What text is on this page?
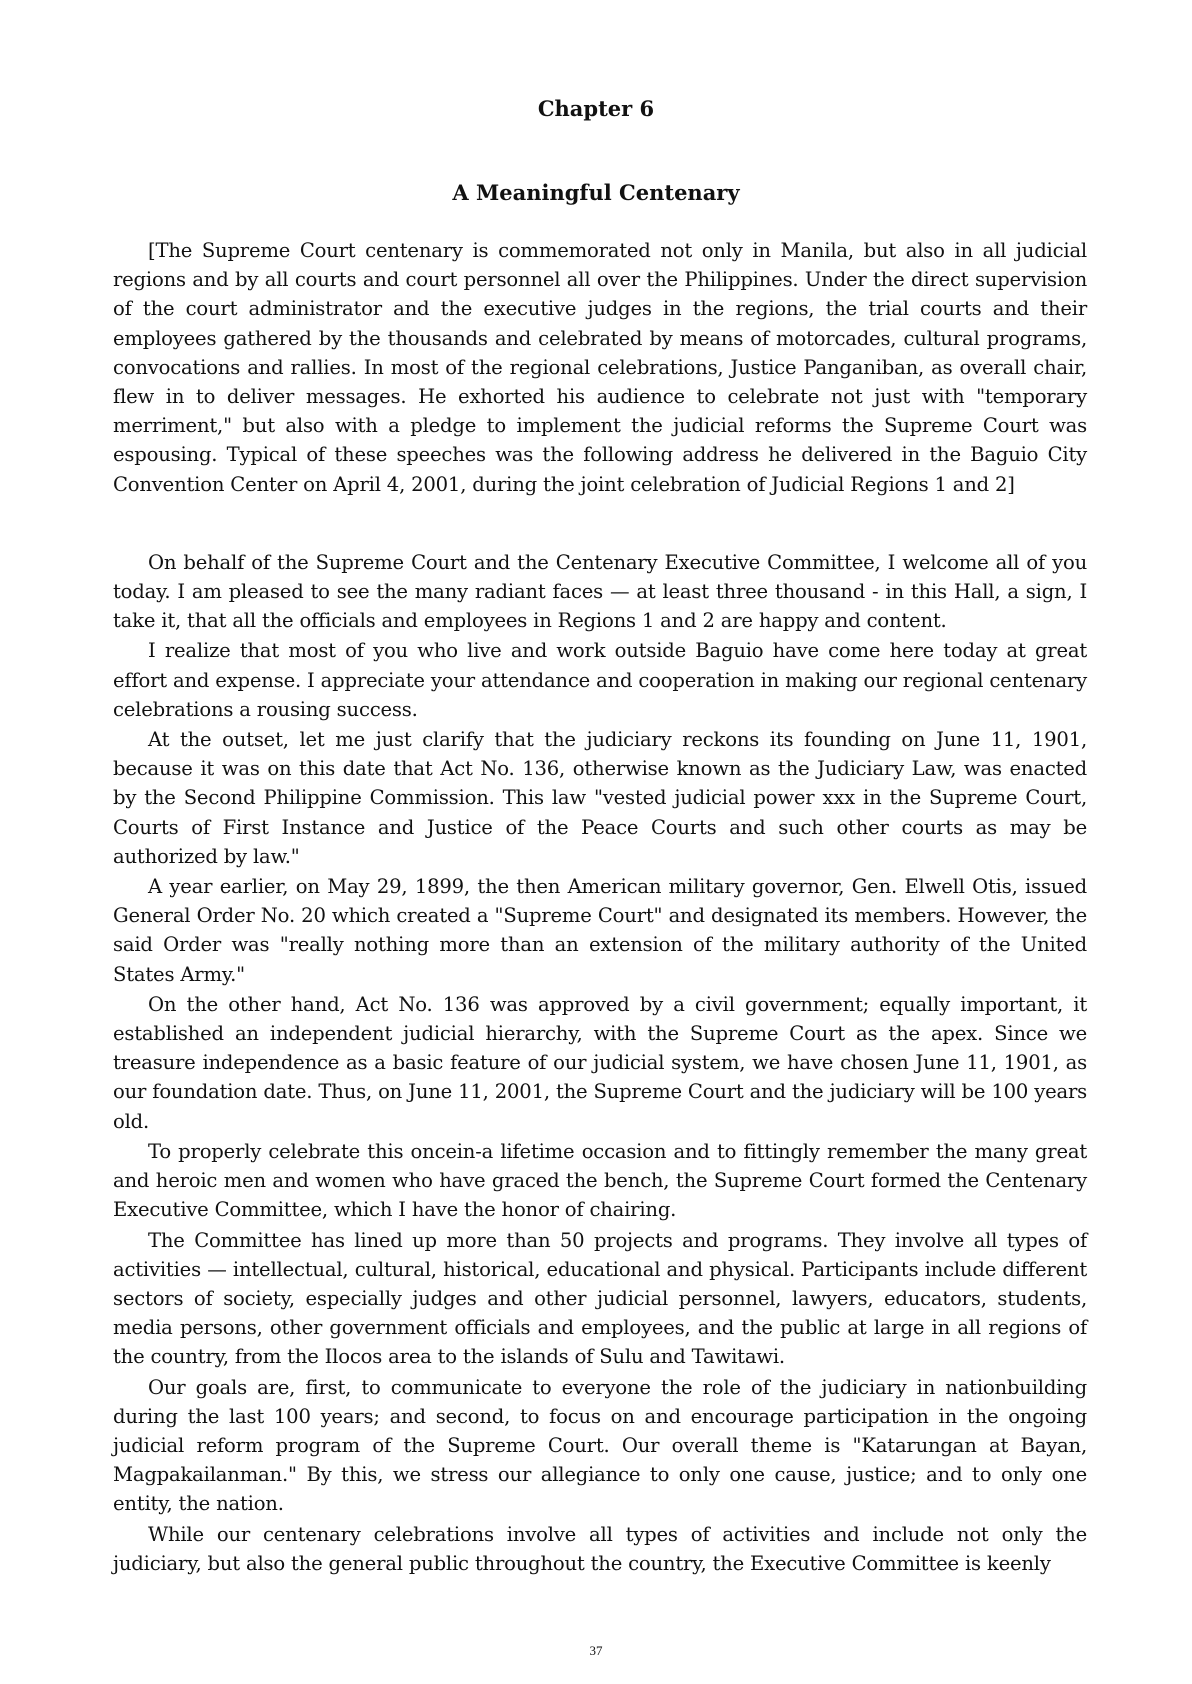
Chapter 6
A Meaningful Centenary

[The Supreme Court centenary is commemorated not only in Manila, but also in all judicial regions and by all courts and court personnel all over the Philippines. Under the direct supervision of the court administrator and the executive judges in the regions, the trial courts and their employees gathered by the thousands and celebrated by means of motorcades, cultural programs, convocations and rallies. In most of the regional celebrations, Justice Panganiban, as overall chair, flew in to deliver messages. He exhorted his audience to celebrate not just with "temporary merriment," but also with a pledge to implement the judicial reforms the Supreme Court was espousing. Typical of these speeches was the following address he delivered in the Baguio City Convention Center on April 4, 2001, during the joint celebration of Judicial Regions 1 and 2]

On behalf of the Supreme Court and the Centenary Executive Committee, I welcome all of you today. I am pleased to see the many radiant faces — at least three thousand - in this Hall, a sign, I take it, that all the officials and employees in Regions 1 and 2 are happy and content.

I realize that most of you who live and work outside Baguio have come here today at great effort and expense. I appreciate your attendance and cooperation in making our regional centenary celebrations a rousing success.

At the outset, let me just clarify that the judiciary reckons its founding on June 11, 1901, because it was on this date that Act No. 136, otherwise known as the Judiciary Law, was enacted by the Second Philippine Commission. This law "vested judicial power xxx in the Supreme Court, Courts of First Instance and Justice of the Peace Courts and such other courts as may be authorized by law."

A year earlier, on May 29, 1899, the then American military governor, Gen. Elwell Otis, issued General Order No. 20 which created a "Supreme Court" and designated its members. However, the said Order was "really nothing more than an extension of the military authority of the United States Army."

On the other hand, Act No. 136 was approved by a civil government; equally important, it established an independent judicial hierarchy, with the Supreme Court as the apex. Since we treasure independence as a basic feature of our judicial system, we have chosen June 11, 1901, as our foundation date. Thus, on June 11, 2001, the Supreme Court and the judiciary will be 100 years old.

To properly celebrate this oncein-a lifetime occasion and to fittingly remember the many great and heroic men and women who have graced the bench, the Supreme Court formed the Centenary Executive Committee, which I have the honor of chairing.

The Committee has lined up more than 50 projects and programs. They involve all types of activities — intellectual, cultural, historical, educational and physical. Participants include different sectors of society, especially judges and other judicial personnel, lawyers, educators, students, media persons, other government officials and employees, and the public at large in all regions of the country, from the Ilocos area to the islands of Sulu and Tawitawi.

Our goals are, first, to communicate to everyone the role of the judiciary in nationbuilding during the last 100 years; and second, to focus on and encourage participation in the ongoing judicial reform program of the Supreme Court. Our overall theme is "Katarungan at Bayan, Magpakailanman." By this, we stress our allegiance to only one cause, justice; and to only one entity, the nation.

While our centenary celebrations involve all types of activities and include not only the judiciary, but also the general public throughout the country, the Executive Committee is keenly

37
